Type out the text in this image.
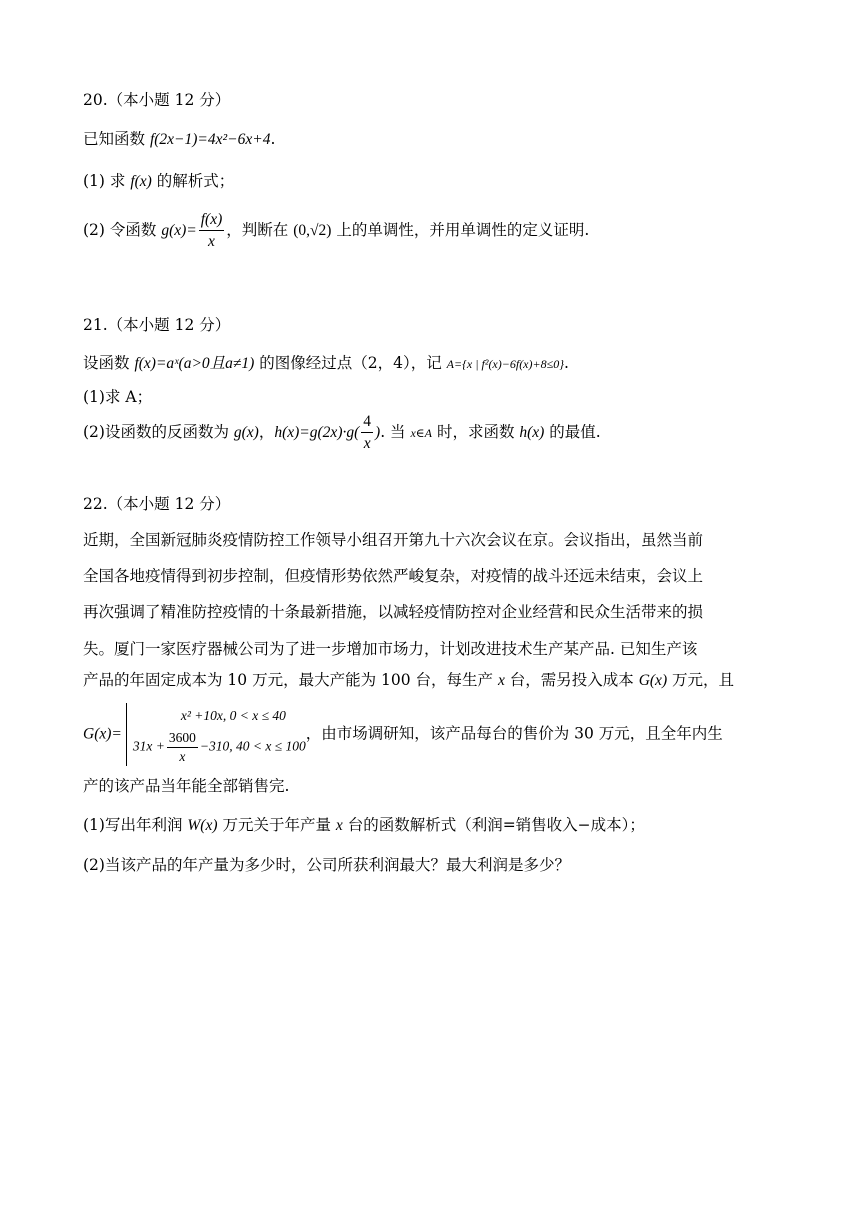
20.（本小题 12 分）
已知函数 f(2x−1)=4x²−6x+4.
(1) 求 f(x) 的解析式；
(2) 令函数 $g(x)= \frac{f(x)}{x}$ ，判断在 (0,√2) 上的单调性，并用单调性的定义证明.
21.（本小题 12 分）
设函数 f(x)=aˣ(a>0且a≠1) 的图像经过点（2，4），记 A={x | f²(x)−6f(x)+8≤0}.
(1)求 A；
(2)设函数的反函数为 g(x)，$h(x)=g(2x)\cdot g( \frac{4}{x}$ ). 当 x∈A 时，求函数 h(x) 的最值.
22.（本小题 12 分）
近期，全国新冠肺炎疫情防控工作领导小组召开第九十六次会议在京。会议指出，虽然当前
全国各地疫情得到初步控制，但疫情形势依然严峻复杂，对疫情的战斗还远未结束，会议上
再次强调了精准防控疫情的十条最新措施，以减轻疫情防控对企业经营和民众生活带来的损
失。厦门一家医疗器械公司为了进一步增加市场力，计划改进技术生产某产品. 已知生产该
产品的年固定成本为 10 万元，最大产能为 100 台，每生产 x 台，需另投入成本 G(x) 万元，且
G(x)=
x² +10x, 0 < x ≤ 40
$31x + \frac{3600}{x} -310$, 40 < x ≤ 100
，由市场调研知，该产品每台的售价为 30 万元，且全年内生
产的该产品当年能全部销售完.
(1)写出年利润 W(x) 万元关于年产量 x 台的函数解析式（利润=销售收入−成本）；
(2)当该产品的年产量为多少时，公司所获利润最大？最大利润是多少？
